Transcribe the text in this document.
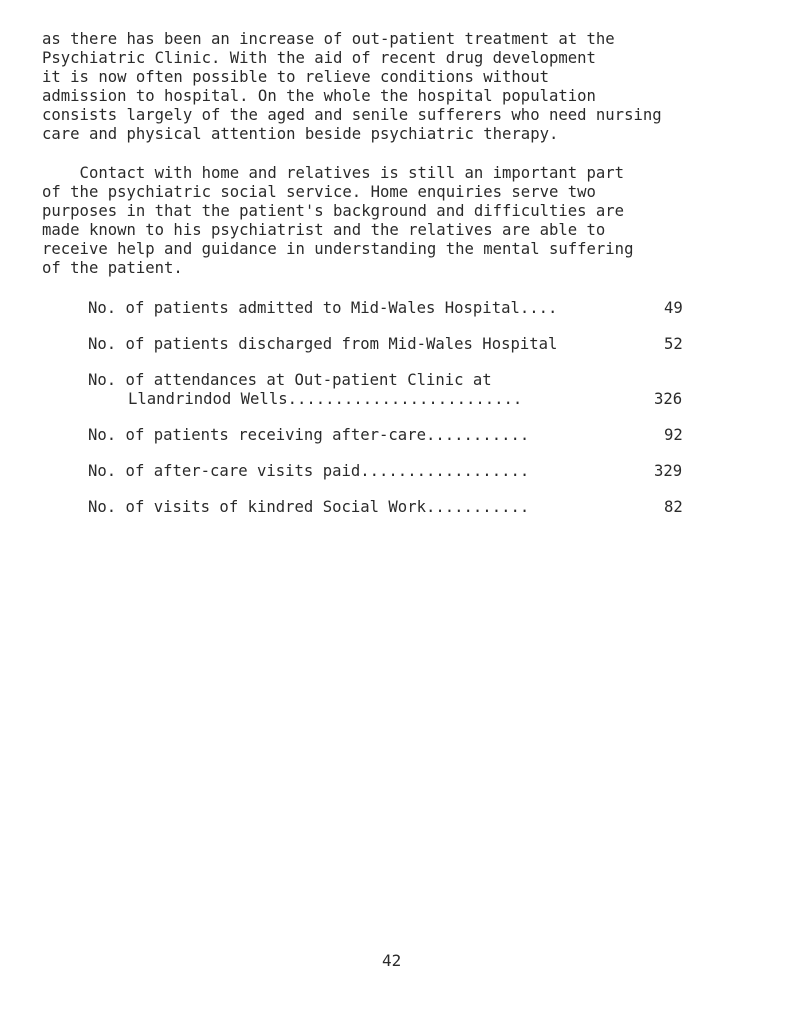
as there has been an increase of out-patient treatment at the
Psychiatric Clinic. With the aid of recent drug development
it is now often possible to relieve conditions without
admission to hospital. On the whole the hospital population
consists largely of the aged and senile sufferers who need nursing
care and physical attention beside psychiatric therapy.
Contact with home and relatives is still an important part
of the psychiatric social service. Home enquiries serve two
purposes in that the patient's background and difficulties are
made known to his psychiatrist and the relatives are able to
receive help and guidance in understanding the mental suffering
of the patient.
No. of patients admitted to Mid-Wales Hospital....	49
No. of patients discharged from Mid-Wales Hospital	52
No. of attendances at Out-patient Clinic at
Llandrindod Wells.........................	326
No. of patients receiving after-care...........	92
No. of after-care visits paid..................	329
No. of visits of kindred Social Work...........	82
42
